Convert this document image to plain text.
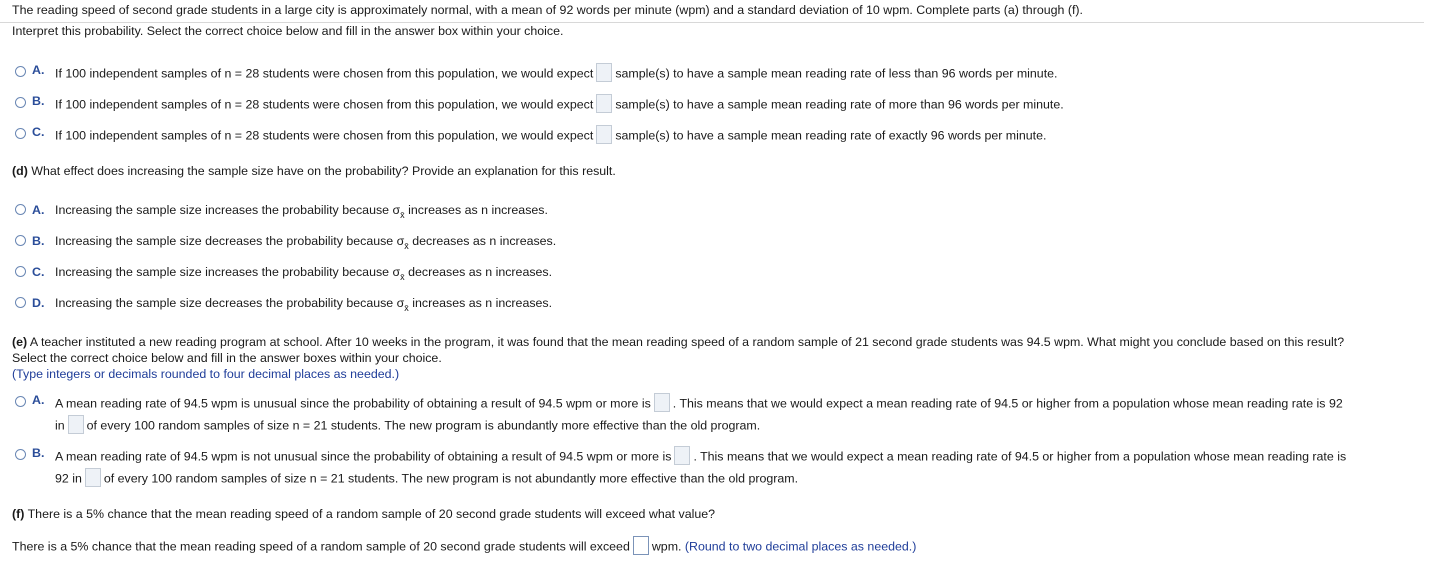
The reading speed of second grade students in a large city is approximately normal, with a mean of 92 words per minute (wpm) and a standard deviation of 10 wpm. Complete parts (a) through (f).
Interpret this probability. Select the correct choice below and fill in the answer box within your choice.
A. If 100 independent samples of n = 28 students were chosen from this population, we would expect sample(s) to have a sample mean reading rate of less than 96 words per minute.
B. If 100 independent samples of n = 28 students were chosen from this population, we would expect sample(s) to have a sample mean reading rate of more than 96 words per minute.
C. If 100 independent samples of n = 28 students were chosen from this population, we would expect sample(s) to have a sample mean reading rate of exactly 96 words per minute.
(d) What effect does increasing the sample size have on the probability? Provide an explanation for this result.
A. Increasing the sample size increases the probability because $\sigma_{x̄}$ increases as n increases.
B. Increasing the sample size decreases the probability because $\sigma_{x̄}$ decreases as n increases.
C. Increasing the sample size increases the probability because $\sigma_{x̄}$ decreases as n increases.
D. Increasing the sample size decreases the probability because $\sigma_{x̄}$ increases as n increases.
(e) A teacher instituted a new reading program at school. After 10 weeks in the program, it was found that the mean reading speed of a random sample of 21 second grade students was 94.5 wpm. What might you conclude based on this result?
Select the correct choice below and fill in the answer boxes within your choice.
(Type integers or decimals rounded to four decimal places as needed.)
A. A mean reading rate of 94.5 wpm is unusual since the probability of obtaining a result of 94.5 wpm or more is . This means that we would expect a mean reading rate of 94.5 or higher from a population whose mean reading rate is 92
in of every 100 random samples of size n = 21 students. The new program is abundantly more effective than the old program.
B. A mean reading rate of 94.5 wpm is not unusual since the probability of obtaining a result of 94.5 wpm or more is . This means that we would expect a mean reading rate of 94.5 or higher from a population whose mean reading rate is
92 in of every 100 random samples of size n = 21 students. The new program is not abundantly more effective than the old program.
(f) There is a 5% chance that the mean reading speed of a random sample of 20 second grade students will exceed what value?
There is a 5% chance that the mean reading speed of a random sample of 20 second grade students will exceed wpm. (Round to two decimal places as needed.)
